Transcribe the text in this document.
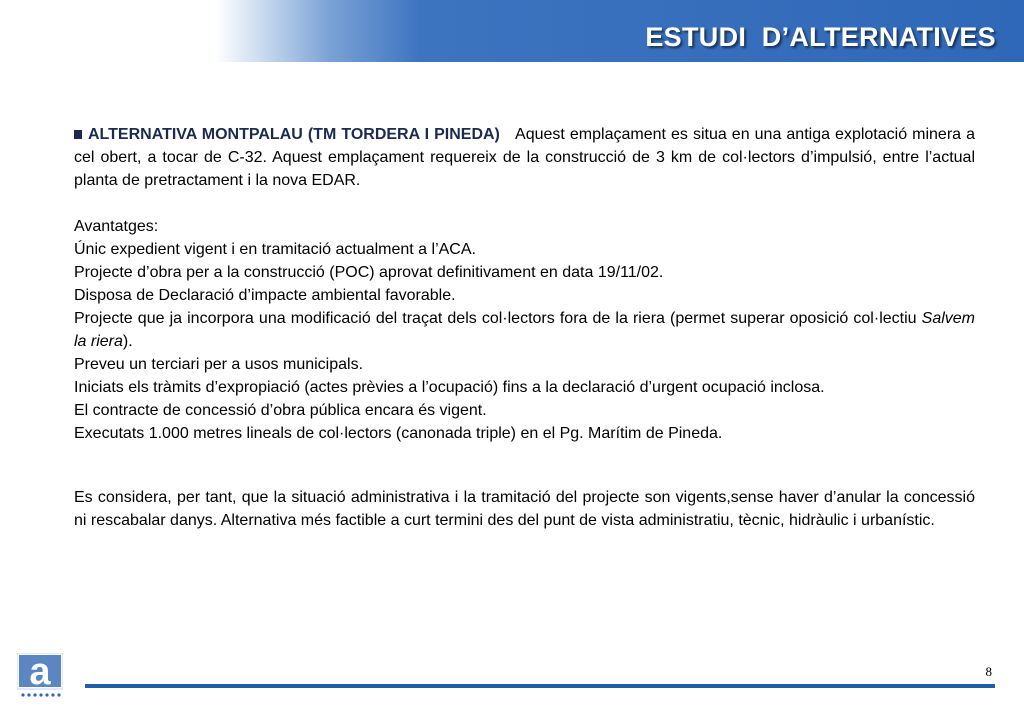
ESTUDI  D’ALTERNATIVES

ALTERNATIVA MONTPALAU (TM TORDERA I PINEDA) Aquest emplaçament es situa en una antiga explotació minera a cel obert, a tocar de C-32. Aquest emplaçament requereix de la construcció de 3 km de col·lectors d’impulsió, entre l’actual planta de pretractament i la nova EDAR.

Avantatges:

Únic expedient vigent i en tramitació actualment a l’ACA.

Projecte d’obra per a la construcció (POC) aprovat definitivament en data 19/11/02.

Disposa de Declaració d’impacte ambiental favorable.

Projecte que ja incorpora una modificació del traçat dels col·lectors fora de la riera (permet superar oposició col·lectiu Salvem la riera).

Preveu un terciari per a usos municipals.

Iniciats els tràmits d’expropiació (actes prèvies a l’ocupació) fins a la declaració d’urgent ocupació inclosa.

El contracte de concessió d’obra pública encara és vigent.

Executats 1.000 metres lineals de col·lectors (canonada triple) en el Pg. Marítim de Pineda.

Es considera, per tant, que la situació administrativa i la tramitació del projecte son vigents,sense haver d’anular la concessió ni rescabalar danys. Alternativa més factible a curt termini des del punt de vista administratiu, tècnic, hidràulic i urbanístic.

a	8
